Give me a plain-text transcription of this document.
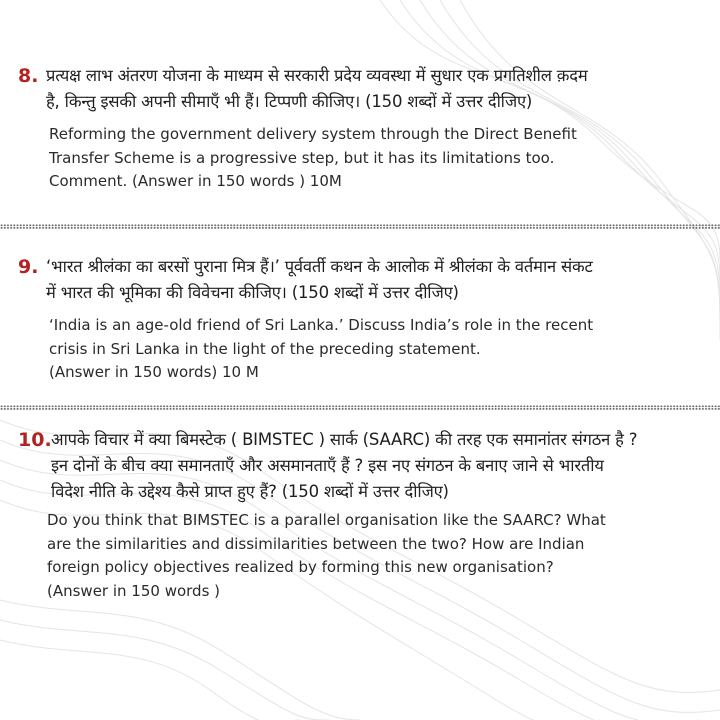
8. प्रत्यक्ष लाभ अंतरण योजना के माध्यम से सरकारी प्रदेय व्यवस्था में सुधार एक प्रगतिशील क़दम
है, किन्तु इसकी अपनी सीमाएँ भी हैं। टिप्पणी कीजिए। (150 शब्दों में उत्तर दीजिए)
Reforming the government delivery system through the Direct Benefit
Transfer Scheme is a progressive step, but it has its limitations too.
Comment. (Answer in 150 words ) 10M
9. ‘भारत श्रीलंका का बरसों पुराना मित्र हैं।’ पूर्ववर्ती कथन के आलोक में श्रीलंका के वर्तमान संकट
में भारत की भूमिका की विवेचना कीजिए। (150 शब्दों में उत्तर दीजिए)
‘India is an age-old friend of Sri Lanka.’ Discuss India’s role in the recent
crisis in Sri Lanka in the light of the preceding statement.
(Answer in 150 words) 10 M
10. आपके विचार में क्या बिमस्टेक ( BIMSTEC ) सार्क (SAARC) की तरह एक समानांतर संगठन है ?
इन दोनों के बीच क्या समानताएँ और असमानताएँ हैं ? इस नए संगठन के बनाए जाने से भारतीय
विदेश नीति के उद्देश्य कैसे प्राप्त हुए हैं? (150 शब्दों में उत्तर दीजिए)
Do you think that BIMSTEC is a parallel organisation like the SAARC? What
are the similarities and dissimilarities between the two? How are Indian
foreign policy objectives realized by forming this new organisation?
(Answer in 150 words )
